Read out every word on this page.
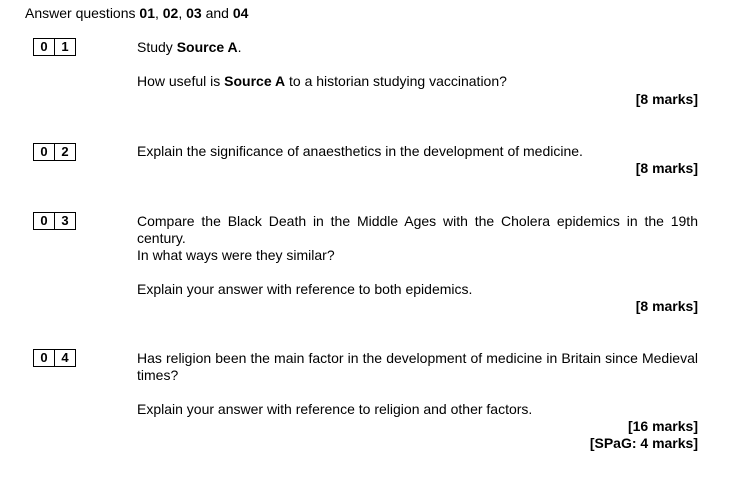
Answer questions 01, 02, 03 and 04
0	1	Study Source A.

How useful is Source A to a historian studying vaccination?

[8 marks]
0	2	Explain the significance of anaesthetics in the development of medicine.

[8 marks]
0	3	Compare the Black Death in the Middle Ages with the Cholera epidemics in the 19th century.

In what ways were they similar?

Explain your answer with reference to both epidemics.

[8 marks]
0	4	Has religion been the main factor in the development of medicine in Britain since Medieval times?

Explain your answer with reference to religion and other factors.

[16 marks]
[SPaG: 4 marks]
